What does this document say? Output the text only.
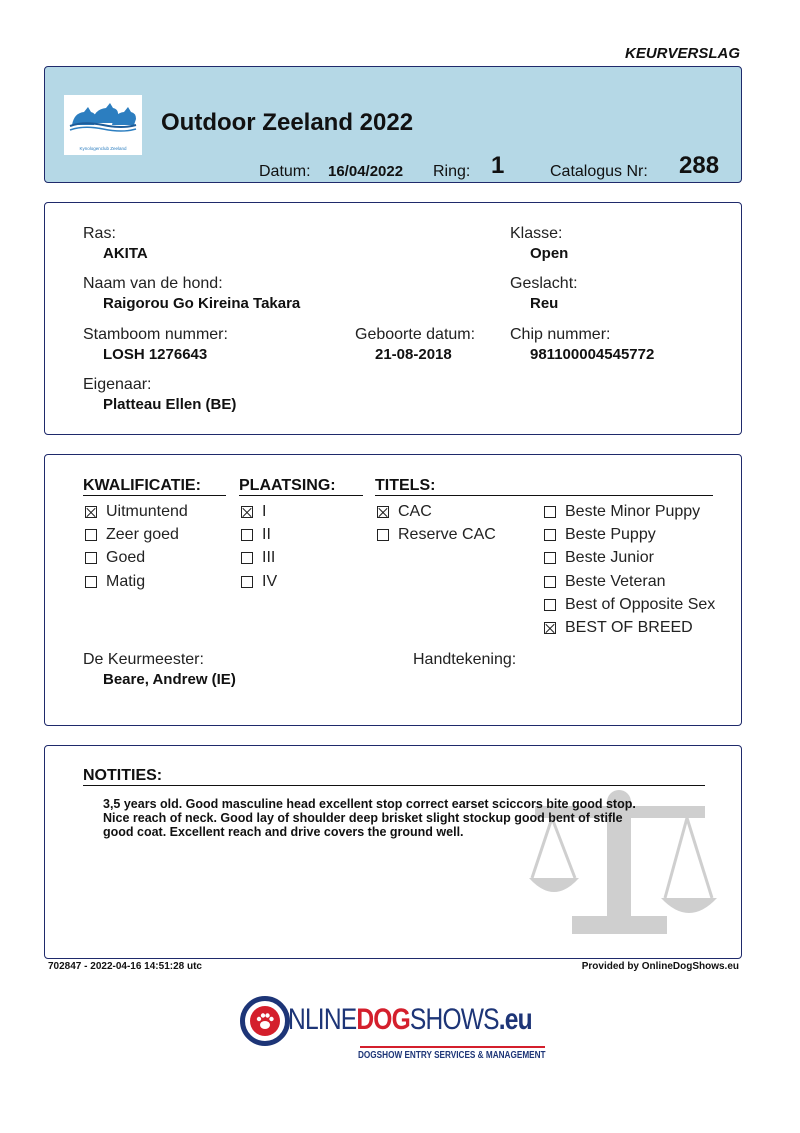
KEURVERSLAG
Kynologenclub Zeeland
Outdoor Zeeland 2022
Datum: 16/04/2022 Ring: 1	Catalogus Nr: 288
Ras:
AKITA
Klasse:
Open
Naam van de hond:
Raigorou Go Kireina Takara
Geslacht:
Reu
Stamboom nummer:
LOSH 1276643
Geboorte datum:
21-08-2018
Chip nummer:
981100004545772
Eigenaar:
Platteau Ellen (BE)
KWALIFICATIE: PLAATSING: TITELS:
Uitmuntend
Zeer goed
Goed
Matig
I
II
III
IV
CAC
Reserve CAC
Beste Minor Puppy
Beste Puppy
Beste Junior
Beste Veteran
Best of Opposite Sex
BEST OF BREED
De Keurmeester:
Beare, Andrew (IE)
Handtekening:
NOTITIES:
3,5 years old. Good masculine head excellent stop correct earset sciccors bite good stop.
Nice reach of neck. Good lay of shoulder deep brisket slight stockup good bent of stifle
good coat. Excellent reach and drive covers the ground well.
702847 - 2022-04-16 14:51:28 utc	Provided by OnlineDogShows.eu
NLINEDOGSHOWS.eu
DOGSHOW ENTRY SERVICES & MANAGEMENT
